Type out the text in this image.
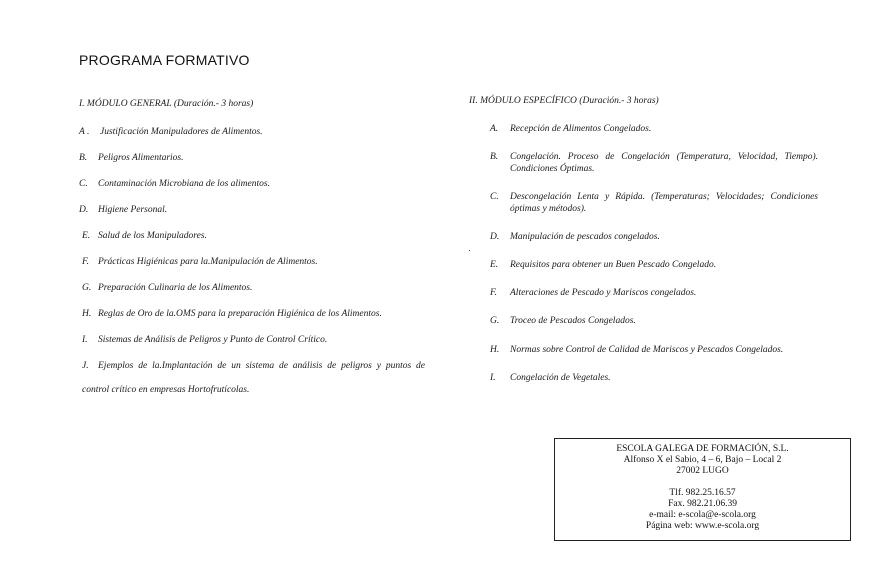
PROGRAMA FORMATIVO
I. MÓDULO GENERAL (Duración.- 3 horas)
A . Justificación Manipuladores de Alimentos.
B. Peligros Alimentarios.
C. Contaminación Microbiana de los alimentos.
D. Higiene Personal.
E. Salud de los Manipuladores.
F. Prácticas Higiénicas para la.Manipulación de Alimentos.
G. Preparación Culinaria de los Alimentos.
H. Reglas de Oro de la.OMS para la preparación Higiénica de los Alimentos.
I. Sistemas de Análisis de Peligros y Punto de Control Crítico.
J. Ejemplos de la.Implantación de un sistema de análisis de peligros y puntos de
control crítico en empresas Hortofrutícolas.
II. MÓDULO ESPECÍFICO (Duración.- 3 horas)
A. Recepción de Alimentos Congelados.
B. Congelación. Proceso de Congelación (Temperatura, Velocidad, Tiempo). Condiciones Óptimas.
C. Descongelación Lenta y Rápida. (Temperaturas; Velocidades; Condiciones óptimas y métodos).
D. Manipulación de pescados congelados.
E. Requisitos para obtener un Buen Pescado Congelado.
F. Alteraciones de Pescado y Mariscos congelados.
G. Troceo de Pescados Congelados.
H. Normas sobre Control de Calidad de Mariscos y Pescados Congelados.
I. Congelación de Vegetales.
ESCOLA GALEGA DE FORMACIÓN, S.L.
Alfonso X el Sabio, 4 – 6, Bajo – Local 2
27002 LUGO
Tlf. 982.25.16.57
Fax. 982.21.06.39
e-mail: e-scola@e-scola.org
Página web: www.e-scola.org
